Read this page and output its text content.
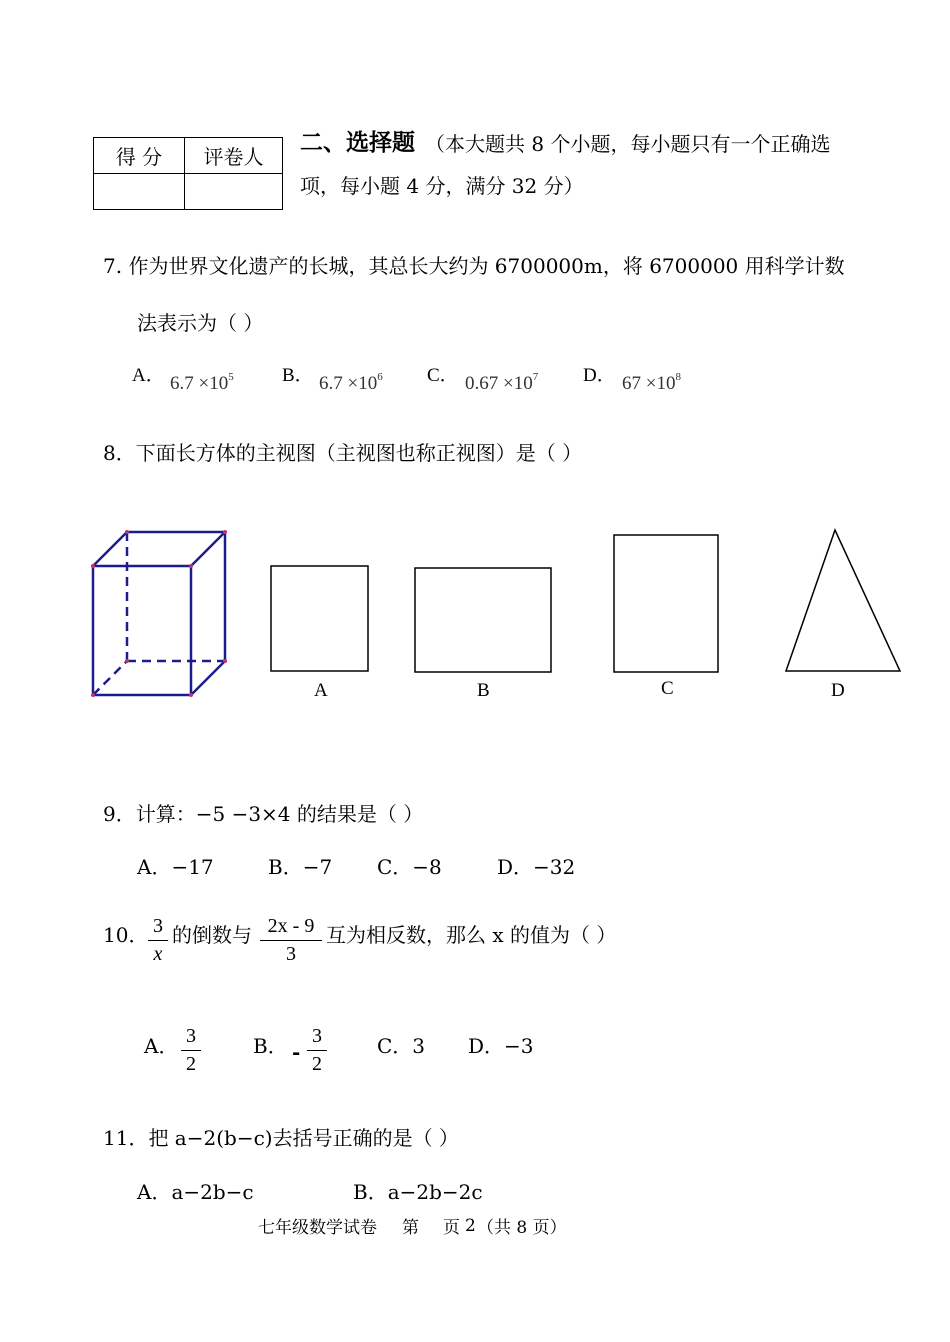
得 分	评卷人

二、选择题 （本大题共 8 个小题，每小题只有一个正确选
项，每小题 4 分，满分 32 分）
7. 作为世界文化遗产的长城，其总长大约为 6700000m，将 6700000 用科学计数
法表示为（ ）
A． $6.7 \times 10^5$	B． $6.7 \times 10^6$ C． $0.67 \times 10^7$ D． $67 \times 10^8$
8．下面长方体的主视图（主视图也称正视图）是（ ）
A	B	C	D
9．计算：−5 −3×4 的结果是（ ）
A．−17	B．−7 C．−8	D．−32
10． 3
x
的倒数与 2x - 9
3
互为相反数，那么 x 的值为（ ）
A． 3
2
B． -
3
2
C．3 D．−3
11．把 a−2(b−c)去括号正确的是（ ）
A．a−2b−c	B．a−2b−2c
七年级数学试卷 第 页 2 （共 8 页）
